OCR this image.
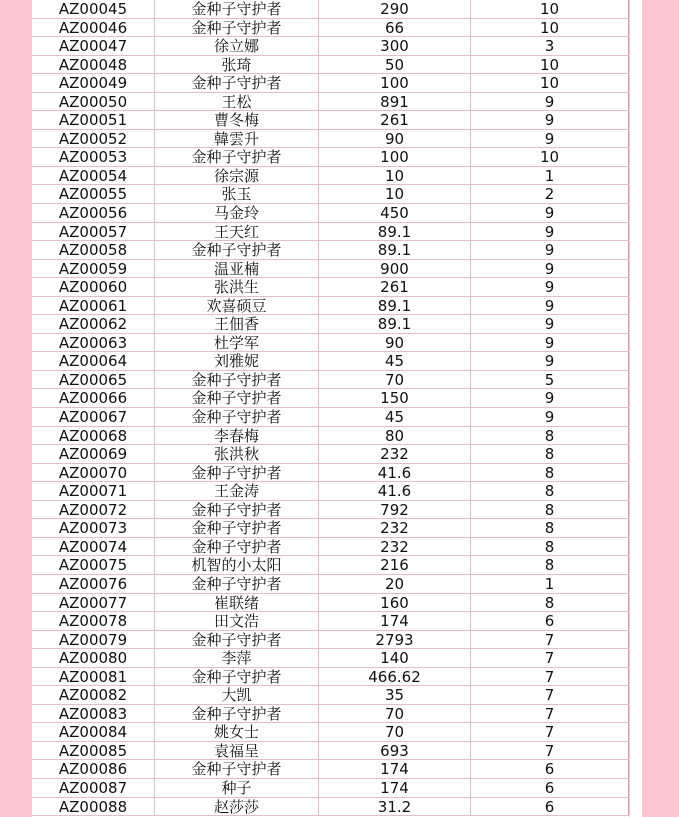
AZ00045	金种子守护者	290	10
AZ00046	金种子守护者	66	10
AZ00047	徐立娜	300	3
AZ00048	张琦	50	10
AZ00049	金种子守护者	100	10
AZ00050	王松	891	9
AZ00051	曹冬梅	261	9
AZ00052	韓雲升	90	9
AZ00053	金种子守护者	100	10
AZ00054	徐宗源	10	1
AZ00055	张玉	10	2
AZ00056	马金玲	450	9
AZ00057	王天红	89.1	9
AZ00058	金种子守护者	89.1	9
AZ00059	温亚楠	900	9
AZ00060	张洪生	261	9
AZ00061	欢喜硕豆	89.1	9
AZ00062	王佃香	89.1	9
AZ00063	杜学军	90	9
AZ00064	刘雅妮	45	9
AZ00065	金种子守护者	70	5
AZ00066	金种子守护者	150	9
AZ00067	金种子守护者	45	9
AZ00068	李春梅	80	8
AZ00069	张洪秋	232	8
AZ00070	金种子守护者	41.6	8
AZ00071	王金涛	41.6	8
AZ00072	金种子守护者	792	8
AZ00073	金种子守护者	232	8
AZ00074	金种子守护者	232	8
AZ00075	机智的小太阳	216	8
AZ00076	金种子守护者	20	1
AZ00077	崔联绪	160	8
AZ00078	田文浩	174	6
AZ00079	金种子守护者	2793	7
AZ00080	李萍	140	7
AZ00081	金种子守护者	466.62	7
AZ00082	大凯	35	7
AZ00083	金种子守护者	70	7
AZ00084	姚女士	70	7
AZ00085	袁福呈	693	7
AZ00086	金种子守护者	174	6
AZ00087	种子	174	6
AZ00088	赵莎莎	31.2	6
